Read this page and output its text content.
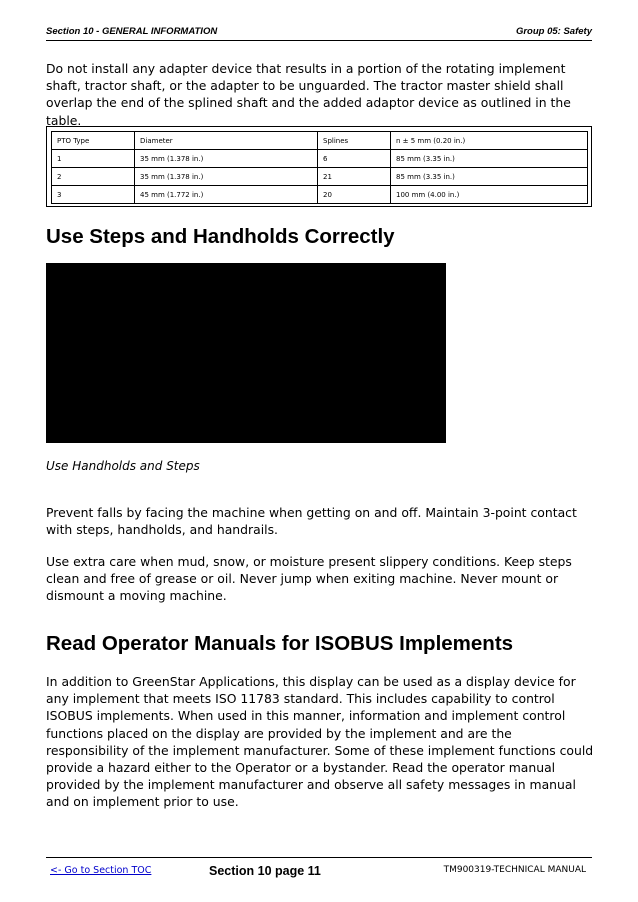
Section 10 - GENERAL INFORMATION	Group 05: Safety

Do not install any adapter device that results in a portion of the rotating implement shaft, tractor shaft, or the adapter to be unguarded. The tractor master shield shall overlap the end of the splined shaft and the added adaptor device as outlined in the table.

PTO Type	Diameter	Splines	n ± 5 mm (0.20 in.)
1	35 mm (1.378 in.)	6	85 mm (3.35 in.)
2	35 mm (1.378 in.)	21	85 mm (3.35 in.)
3	45 mm (1.772 in.)	20	100 mm (4.00 in.)
Use Steps and Handholds Correctly

Use Handholds and Steps

Prevent falls by facing the machine when getting on and off. Maintain 3-point contact with steps, handholds, and handrails.

Use extra care when mud, snow, or moisture present slippery conditions. Keep steps clean and free of grease or oil. Never jump when exiting machine. Never mount or dismount a moving machine.

Read Operator Manuals for ISOBUS Implements

In addition to GreenStar Applications, this display can be used as a display device for any implement that meets ISO 11783 standard. This includes capability to control ISOBUS implements. When used in this manner, information and implement control functions placed on the display are provided by the implement and are the responsibility of the implement manufacturer. Some of these implement functions could provide a hazard either to the Operator or a bystander. Read the operator manual provided by the implement manufacturer and observe all safety messages in manual and on implement prior to use.

<- Go to Section TOC	Section 10 page 11	TM900319-TECHNICAL MANUAL
